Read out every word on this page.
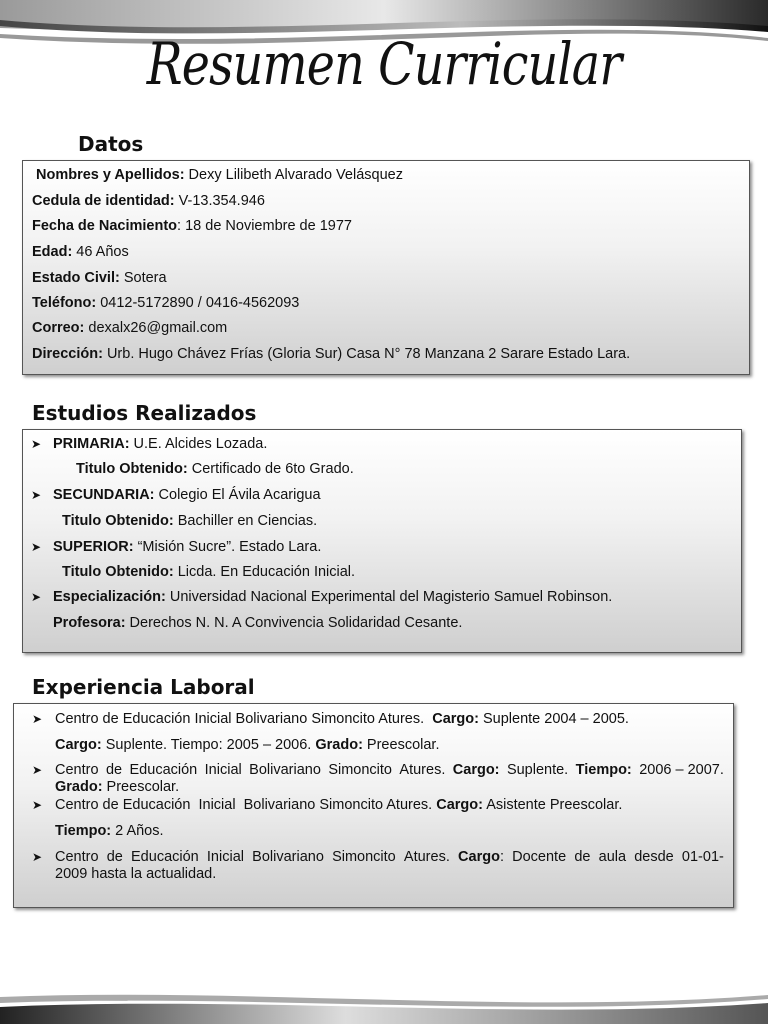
Resumen Curricular
Datos
Nombres y Apellidos: Dexy Lilibeth Alvarado Velásquez
Cedula de identidad: V-13.354.946
Fecha de Nacimiento: 18 de Noviembre de 1977
Edad: 46 Años
Estado Civil: Sotera
Teléfono: 0412-5172890 / 0416-4562093
Correo: dexalx26@gmail.com
Dirección: Urb. Hugo Chávez Frías (Gloria Sur) Casa N° 78 Manzana 2 Sarare Estado Lara.
Estudios Realizados
➤ PRIMARIA: U.E. Alcides Lozada.
Titulo Obtenido: Certificado de 6to Grado.
➤ SECUNDARIA: Colegio El Ávila Acarigua
Titulo Obtenido: Bachiller en Ciencias.
➤ SUPERIOR: “Misión Sucre”. Estado Lara.
Titulo Obtenido: Licda. En Educación Inicial.
➤ Especialización: Universidad Nacional Experimental del Magisterio Samuel Robinson.
Profesora: Derechos N. N. A Convivencia Solidaridad Cesante.
Experiencia Laboral
➤ Centro de Educación Inicial Bolivariano Simoncito Atures. Cargo: Suplente 2004 – 2005.
Cargo: Suplente. Tiempo: 2005 – 2006. Grado: Preescolar.
➤ Centro de Educación Inicial Bolivariano Simoncito Atures. Cargo: Suplente. Tiempo: 2006 – 2007.
Grado: Preescolar.
➤ Centro de Educación  Inicial  Bolivariano Simoncito Atures. Cargo: Asistente Preescolar.
Tiempo: 2 Años.
➤ Centro de Educación Inicial Bolivariano Simoncito Atures. Cargo: Docente de aula desde 01-01-
2009 hasta la actualidad.
